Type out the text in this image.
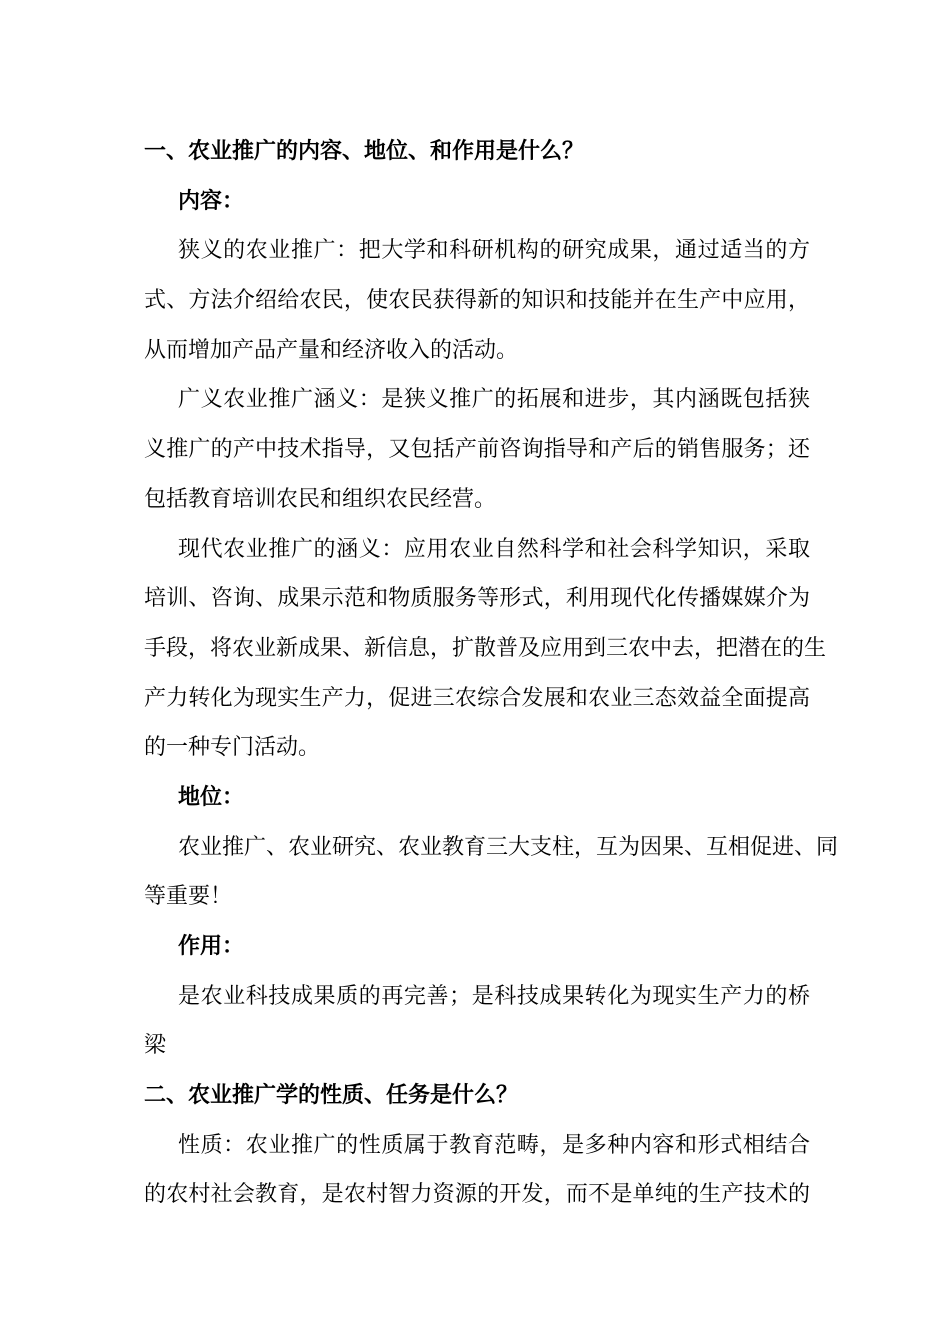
一、农业推广的内容、地位、和作用是什么？
内容：
狭义的农业推广：把大学和科研机构的研究成果，通过适当的方
式、方法介绍给农民，使农民获得新的知识和技能并在生产中应用，
从而增加产品产量和经济收入的活动。
广义农业推广涵义：是狭义推广的拓展和进步，其内涵既包括狭
义推广的产中技术指导，又包括产前咨询指导和产后的销售服务；还
包括教育培训农民和组织农民经营。
现代农业推广的涵义：应用农业自然科学和社会科学知识，采取
培训、咨询、成果示范和物质服务等形式，利用现代化传播媒媒介为
手段，将农业新成果、新信息，扩散普及应用到三农中去，把潜在的生
产力转化为现实生产力，促进三农综合发展和农业三态效益全面提高
的一种专门活动。
地位：
农业推广、农业研究、农业教育三大支柱，互为因果、互相促进、同
等重要！
作用：
是农业科技成果质的再完善；是科技成果转化为现实生产力的桥
梁
二、农业推广学的性质、任务是什么？
性质：农业推广的性质属于教育范畴，是多种内容和形式相结合
的农村社会教育，是农村智力资源的开发，而不是单纯的生产技术的
